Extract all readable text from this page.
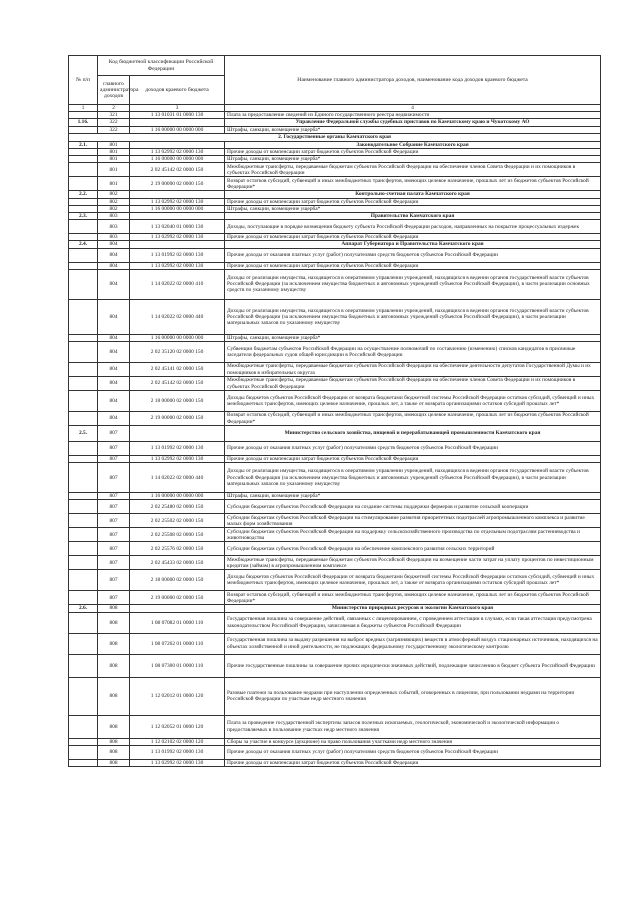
№ п/п	Код бюджетной классификации Российской Федерации		Наименование главного администратора доходов, наименование кода доходов краевого бюджета
	главного администратора доходов	доходов краевого бюджета	
1	2	3	4
	321	1 13 01031 01 0000 130	Плата за предоставление сведений из Единого государственного реестра недвижимости
1.16.	322		Управление Федеральной службы судебных приставов по Камчатскому краю и Чукотскому АО
	322	1 16 00000 00 0000 000	Штрафы, санкции, возмещение ущерба*
2. Государственные органы Камчатского края			
2.1.	801		Законодательное Собрание Камчатского края
	801	1 13 02992 02 0000 130	Прочие доходы от компенсации затрат бюджетов субъектов Российской Федерации
	801	1 16 00000 00 0000 000	Штрафы, санкции, возмещение ущерба*
	801	2 02 45142 02 0000 150	Межбюджетные трансферты, передаваемые бюджетам субъектов Российской Федерации на обеспечение членов Совета Федерации и их помощников в субъектах Российской Федерации
	801	2 19 00000 02 0000 150	Возврат остатков субсидий, субвенций и иных межбюджетных трансфертов, имеющих целевое назначение, прошлых лет из бюджетов субъектов Российской Федерации*
2.2.	802		Контрольно-счетная палата Камчатского края
	802	1 13 02992 02 0000 130	Прочие доходы от компенсации затрат бюджетов субъектов Российской Федерации
	802	1 16 00000 00 0000 000	Штрафы, санкции, возмещение ущерба*
2.3.	803		Правительство Камчатского края
	803	1 13 02040 01 0000 130	Доходы, поступающие в порядке возмещения бюджету субъекта Российской Федерации расходов, направленных на покрытие процессуальных издержек
	803	1 13 02992 02 0000 130	Прочие доходы от компенсации затрат бюджетов субъектов Российской Федерации
2.4.	804		Аппарат Губернатора и Правительства Камчатского края
	804	1 13 01992 02 0000 130	Прочие доходы от оказания платных услуг (работ) получателями средств бюджетов субъектов Российской Федерации
	804	1 13 02992 02 0000 130	Прочие доходы от компенсации затрат бюджетов субъектов Российской Федерации
	804	1 14 02022 02 0000 410	Доходы от реализации имущества, находящегося в оперативном управлении учреждений, находящихся в ведении органов государственной власти субъектов Российской Федерации (за исключением имущества бюджетных и автономных учреждений субъектов Российской Федерации), в части реализации основных средств по указанному имуществу
	804	1 14 02022 02 0000 440	Доходы от реализации имущества, находящегося в оперативном управлении учреждений, находящихся в ведении органов государственной власти субъектов Российской Федерации (за исключением имущества бюджетных и автономных учреждений субъектов Российской Федерации), в части реализации материальных запасов по указанному имуществу
	804	1 16 00000 00 0000 000	Штрафы, санкции, возмещение ущерба*
	804	2 02 35120 02 0000 150	Субвенции бюджетам субъектов Российской Федерации на осуществление полномочий по составлению (изменению) списков кандидатов в присяжные заседатели федеральных судов общей юрисдикции в Российской Федерации
	804	2 02 45141 02 0000 150	Межбюджетные трансферты, передаваемые бюджетам субъектов Российской Федерации на обеспечение деятельности депутатов Государственной Думы и их помощников в избирательных округах
	804	2 02 45142 02 0000 150	Межбюджетные трансферты, передаваемые бюджетам субъектов Российской Федерации на обеспечение членов Совета Федерации и их помощников в субъектах Российской Федерации
	804	2 18 00000 02 0000 150	Доходы бюджетов субъектов Российской Федерации от возврата бюджетами бюджетной системы Российской Федерации остатков субсидий, субвенций и иных межбюджетных трансфертов, имеющих целевое назначение, прошлых лет, а также от возврата организациями остатков субсидий прошлых лет*
	804	2 19 00000 02 0000 150	Возврат остатков субсидий, субвенций и иных межбюджетных трансфертов, имеющих целевое назначение, прошлых лет из бюджетов субъектов Российской Федерации*
2.5.	807		Министерство сельского хозяйства, пищевой и перерабатывающей промышленности Камчатского края
	807	1 13 01992 02 0000 130	Прочие доходы от оказания платных услуг (работ) получателями средств бюджетов субъектов Российской Федерации
	807	1 13 02992 02 0000 130	Прочие доходы от компенсации затрат бюджетов субъектов Российской Федерации
	807	1 14 02022 02 0000 440	Доходы от реализации имущества, находящегося в оперативном управлении учреждений, находящихся в ведении органов государственной власти субъектов Российской Федерации (за исключением имущества бюджетных и автономных учреждений субъектов Российской Федерации), в части реализации материальных запасов по указанному имуществу
	807	1 16 00000 00 0000 000	Штрафы, санкции, возмещение ущерба*
	807	2 02 25480 02 0000 150	Субсидии бюджетам субъектов Российской Федерации на создание системы поддержки фермеров и развитие сельской кооперации
	807	2 02 25502 02 0000 150	Субсидии бюджетам субъектов Российской Федерации на стимулирование развития приоритетных подотраслей агропромышленного комплекса и развитие малых форм хозяйствования
	807	2 02 25508 02 0000 150	Субсидии бюджетам субъектов Российской Федерации на поддержку сельскохозяйственного производства по отдельным подотраслям растениеводства и животноводства
	807	2 02 25576 02 0000 150	Субсидии бюджетам субъектов Российской Федерации на обеспечение комплексного развития сельских территорий
	807	2 02 45433 02 0000 150	Межбюджетные трансферты, передаваемые бюджетам субъектов Российской Федерации на возмещение части затрат на уплату процентов по инвестиционным кредитам (займам) в агропромышленном комплексе
	807	2 18 00000 02 0000 150	Доходы бюджетов субъектов Российской Федерации от возврата бюджетами бюджетной системы Российской Федерации остатков субсидий, субвенций и иных межбюджетных трансфертов, имеющих целевое назначение, прошлых лет, а также от возврата организациями остатков субсидий прошлых лет*
	807	2 19 00000 02 0000 150	Возврат остатков субсидий, субвенций и иных межбюджетных трансфертов, имеющих целевое назначение, прошлых лет из бюджетов субъектов Российской Федерации*
2.6.	808		Министерство природных ресурсов и экологии Камчатского края
	808	1 08 07082 01 0000 110	Государственная пошлина за совершение действий, связанных с лицензированием, с проведением аттестации в случаях, если такая аттестация предусмотрена законодательством Российской Федерации, зачисляемая в бюджеты субъектов Российской Федерации
	808	1 08 07262 01 0000 110	Государственная пошлина за выдачу разрешения на выброс вредных (загрязняющих) веществ в атмосферный воздух стационарных источников, находящихся на объектах хозяйственной и иной деятельности, не подлежащих федеральному государственному экологическому контролю
	808	1 08 07300 01 0000 110	Прочие государственные пошлины за совершение прочих юридически значимых действий, подлежащие зачислению в бюджет субъекта Российской Федерации
	808	1 12 02012 01 0000 120	Разовые платежи за пользование недрами при наступлении определенных событий, оговоренных в лицензии, при пользовании недрами на территории Российской Федерации по участкам недр местного значения
	808	1 12 02052 01 0000 120	Плата за проведение государственной экспертизы запасов полезных ископаемых, геологической, экономической и экологической информации о предоставляемых в пользование участках недр местного значения
	808	1 12 02102 02 0000 120	Сборы за участие в конкурсе (аукционе) на право пользования участками недр местного значения
	808	1 13 01992 02 0000 130	Прочие доходы от оказания платных услуг (работ) получателями средств бюджетов субъектов Российской Федерации
	808	1 13 02992 02 0000 130	Прочие доходы от компенсации затрат бюджетов субъектов Российской Федерации
